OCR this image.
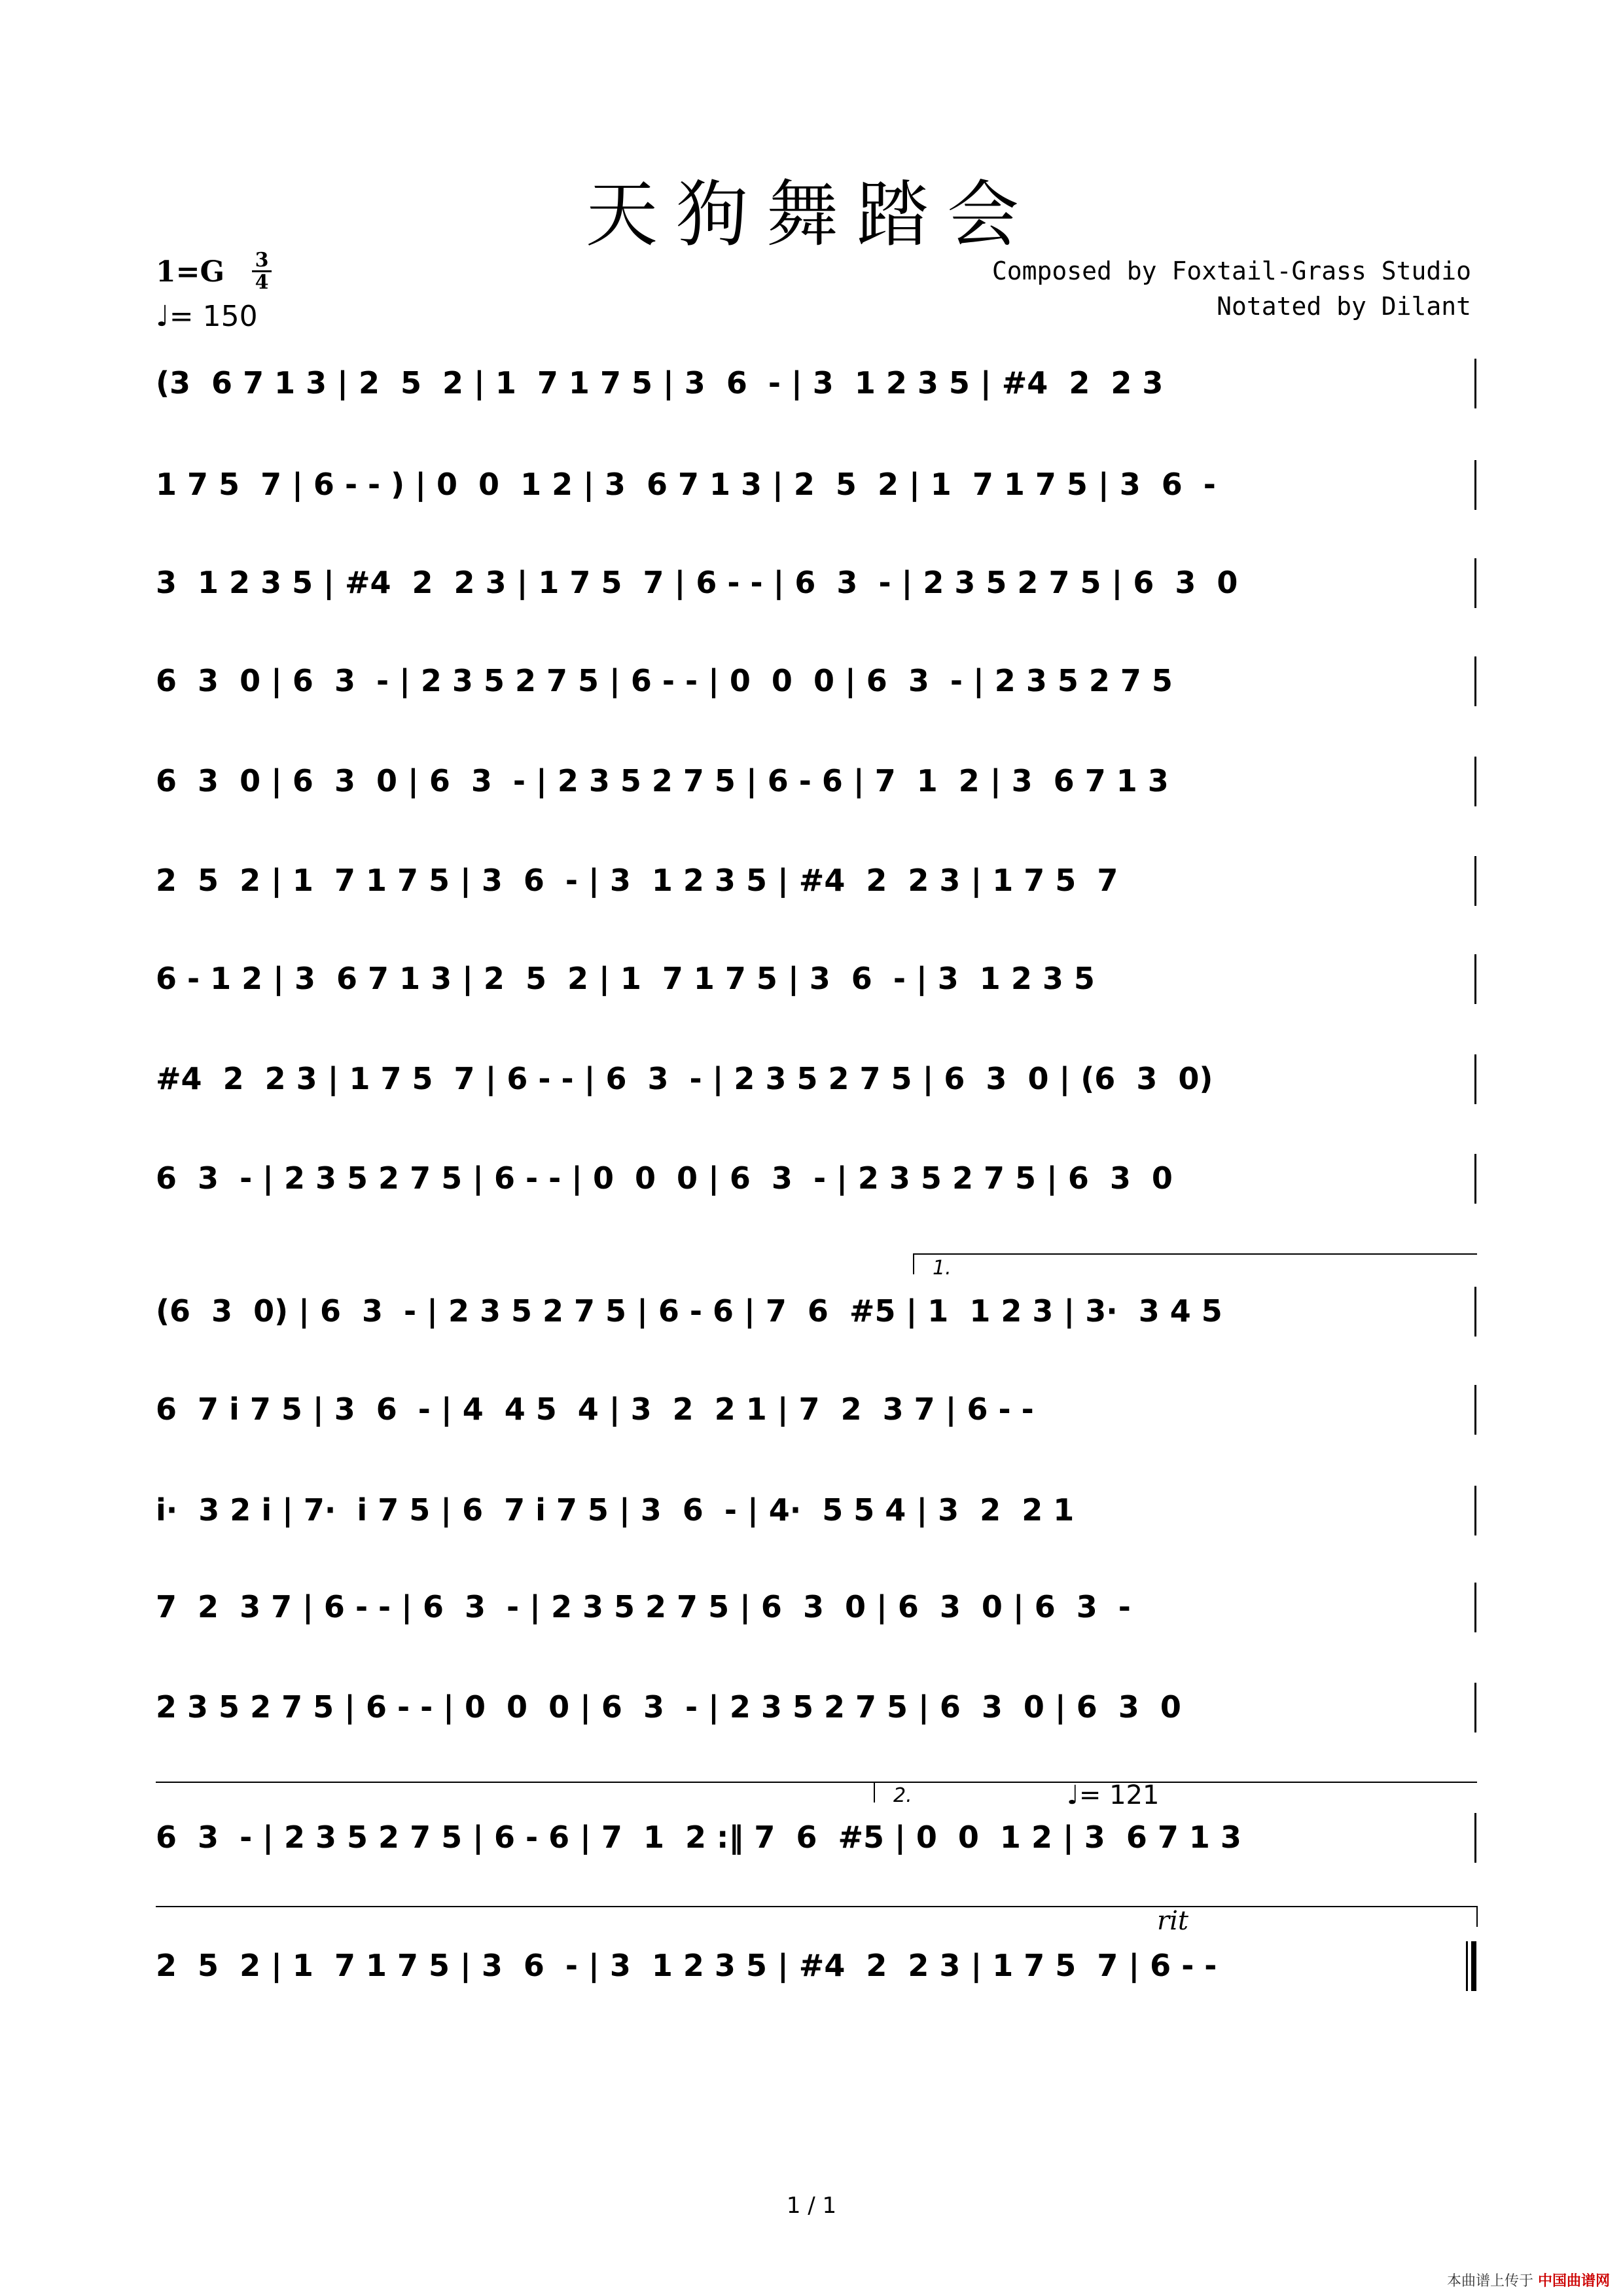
天狗舞踏会
1=G 3
4
♩= 150
Composed by Foxtail-Grass Studio
Notated by Dilant
(3  6 7 1 3 | 2  5  2 | 1  7 1 7 5 | 3  6  - | 3  1 2 3 5 | #4  2  2 3
1 7 5  7 | 6 - - ) | 0  0  1 2 | 3  6 7 1 3 | 2  5  2 | 1  7 1 7 5 | 3  6  -
3  1 2 3 5 | #4  2  2 3 | 1 7 5  7 | 6 - - | 6  3  - | 2 3 5 2 7 5 | 6  3  0
6  3  0 | 6  3  - | 2 3 5 2 7 5 | 6 - - | 0  0  0 | 6  3  - | 2 3 5 2 7 5
6  3  0 | 6  3  0 | 6  3  - | 2 3 5 2 7 5 | 6 - 6 | 7  1  2 | 3  6 7 1 3
2  5  2 | 1  7 1 7 5 | 3  6  - | 3  1 2 3 5 | #4  2  2 3 | 1 7 5  7
6 - 1 2 | 3  6 7 1 3 | 2  5  2 | 1  7 1 7 5 | 3  6  - | 3  1 2 3 5
#4  2  2 3 | 1 7 5  7 | 6 - - | 6  3  - | 2 3 5 2 7 5 | 6  3  0 | (6  3  0)
6  3  - | 2 3 5 2 7 5 | 6 - - | 0  0  0 | 6  3  - | 2 3 5 2 7 5 | 6  3  0
1.
(6  3  0) | 6  3  - | 2 3 5 2 7 5 | 6 - 6 | 7  6  #5 | 1  1 2 3 | 3·  3 4 5
6  7 i 7 5 | 3  6  - | 4  4 5  4 | 3  2  2 1 | 7  2  3 7 | 6 - -
i·  3 2 i | 7·  i 7 5 | 6  7 i 7 5 | 3  6  - | 4·  5 5 4 | 3  2  2 1
7  2  3 7 | 6 - - | 6  3  - | 2 3 5 2 7 5 | 6  3  0 | 6  3  0 | 6  3  -
2 3 5 2 7 5 | 6 - - | 0  0  0 | 6  3  - | 2 3 5 2 7 5 | 6  3  0 | 6  3  0
2.	♩= 121
6  3  - | 2 3 5 2 7 5 | 6 - 6 | 7  1  2 :‖ 7  6  #5 | 0  0  1 2 | 3  6 7 1 3
rit
2  5  2 | 1  7 1 7 5 | 3  6  - | 3  1 2 3 5 | #4  2  2 3 | 1 7 5  7 | 6 - -
1 / 1
本曲谱上传于 中国曲谱网
